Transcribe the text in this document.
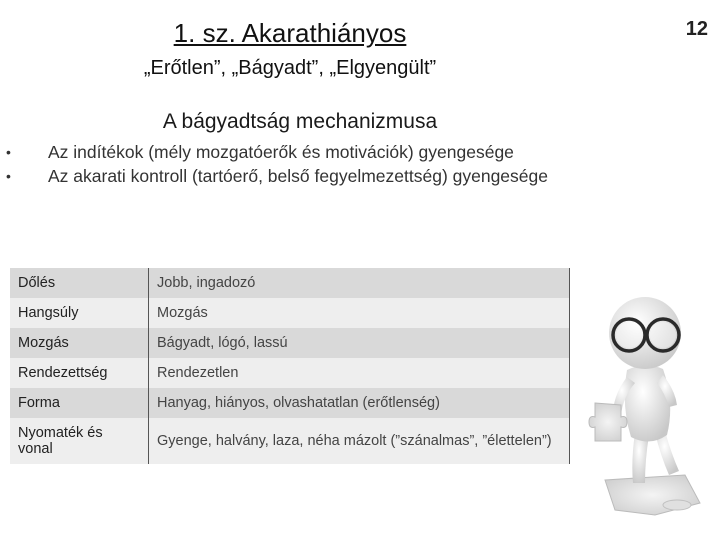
1. sz. Akarathiányos
„Erőtlen”, „Bágyadt”, „Elgyengült”
12
A bágyadtság mechanizmusa
• Az indítékok (mély mozgatóerők és motivációk) gyengesége
• Az akarati kontroll (tartóerő, belső fegyelmezettség) gyengesége
Dőlés	Jobb, ingadozó
Hangsúly	Mozgás
Mozgás	Bágyadt, lógó, lassú
Rendezettség	Rendezetlen
Forma	Hanyag, hiányos, olvashatatlan (erőtlenség)
Nyomaték és vonal	Gyenge, halvány, laza, néha mázolt (”szánalmas”, ”élettelen”)
